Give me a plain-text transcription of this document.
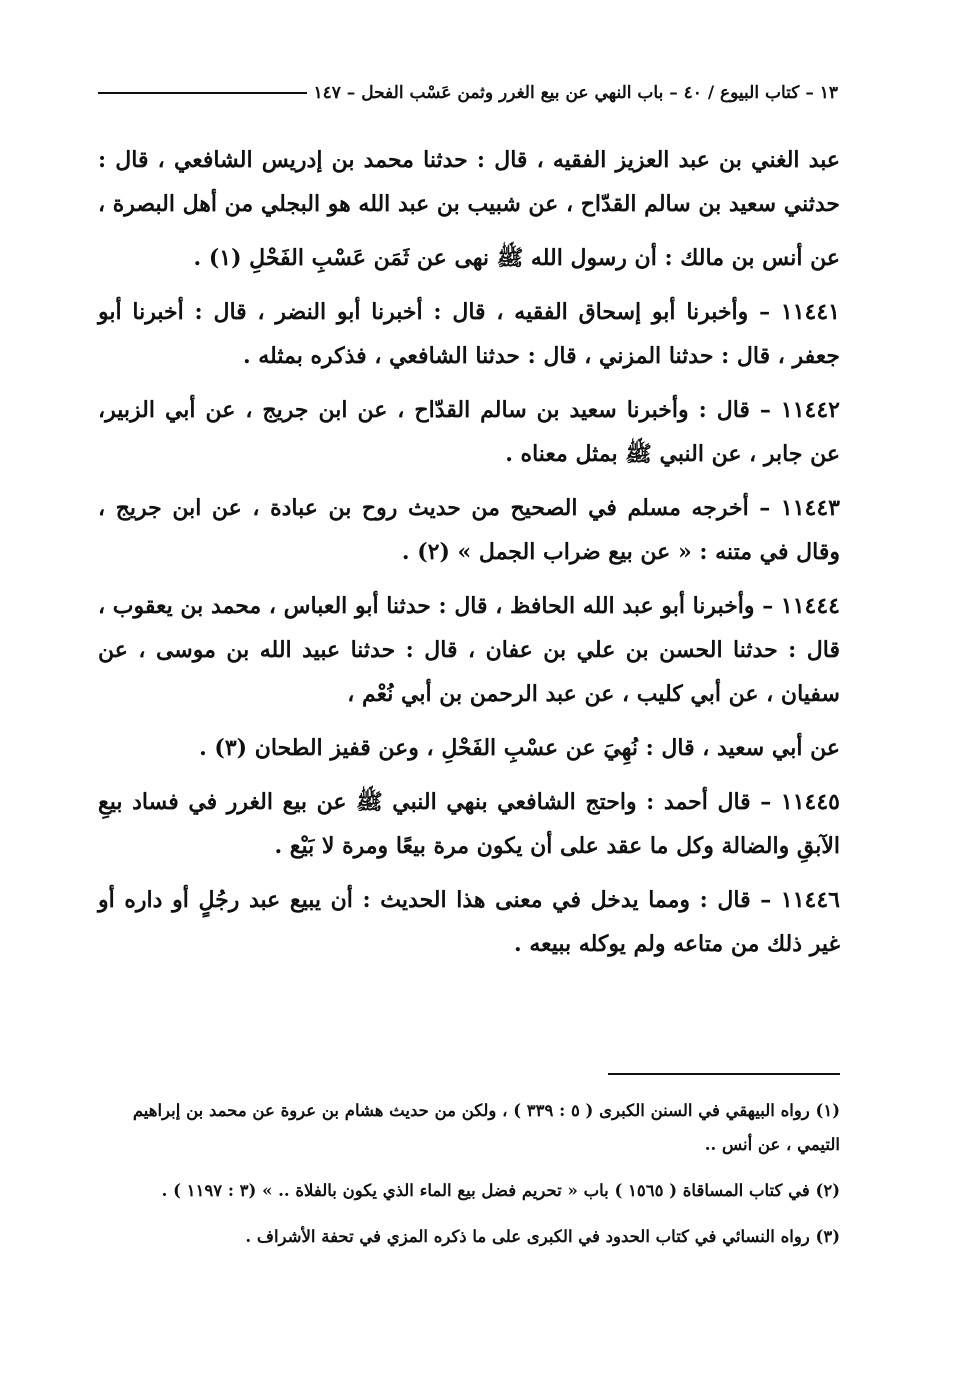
١٣ – كتاب البيوع / ٤٠ – باب النهي عن بيع الغرر وثمن عَسْب الفحل – ١٤٧

عبد الغني بن عبد العزيز الفقيه ، قال : حدثنا محمد بن إدريس الشافعي ، قال : حدثني سعيد بن سالم القدّاح ، عن شبيب بن عبد الله هو البجلي من أهل البصرة ،

عن أنس بن مالك : أن رسول الله ﷺ نهى عن ثَمَن عَسْبِ الفَحْلِ (١) .

١١٤٤١ – وأخبرنا أبو إسحاق الفقيه ، قال : أخبرنا أبو النضر ، قال : أخبرنا أبو جعفر ، قال : حدثنا المزني ، قال : حدثنا الشافعي ، فذكره بمثله .

١١٤٤٢ – قال : وأخبرنا سعيد بن سالم القدّاح ، عن ابن جريج ، عن أبي الزبير، عن جابر ، عن النبي ﷺ بمثل معناه .

١١٤٤٣ – أخرجه مسلم في الصحيح من حديث روح بن عبادة ، عن ابن جريج ، وقال في متنه : « عن بيع ضراب الجمل » (٢) .

١١٤٤٤ – وأخبرنا أبو عبد الله الحافظ ، قال : حدثنا أبو العباس ، محمد بن يعقوب ، قال : حدثنا الحسن بن علي بن عفان ، قال : حدثنا عبيد الله بن موسى ، عن سفيان ، عن أبي كليب ، عن عبد الرحمن بن أبي نُعْم ،

عن أبي سعيد ، قال : نُهِيَ عن عسْبِ الفَحْلِ ، وعن قفيز الطحان (٣) .

١١٤٤٥ – قال أحمد : واحتج الشافعي بنهي النبي ﷺ عن بيع الغرر في فساد بيعِ الآبقِ والضالة وكل ما عقد على أن يكون مرة بيعًا ومرة لا بَيْع .

١١٤٤٦ – قال : ومما يدخل في معنى هذا الحديث : أن يبيع عبد رجُلٍ أو داره أو غير ذلك من متاعه ولم يوكله ببيعه .

(١) رواه البيهقي في السنن الكبرى ( ٥ : ٣٣٩ ) ، ولكن من حديث هشام بن عروة عن محمد بن إبراهيم التيمي ، عن أنس ..

(٢) في كتاب المساقاة ( ١٥٦٥ ) باب « تحريم فضل بيع الماء الذي يكون بالفلاة .. » (٣ : ١١٩٧ ) .

(٣) رواه النسائي في كتاب الحدود في الكبرى على ما ذكره المزي في تحفة الأشراف .
